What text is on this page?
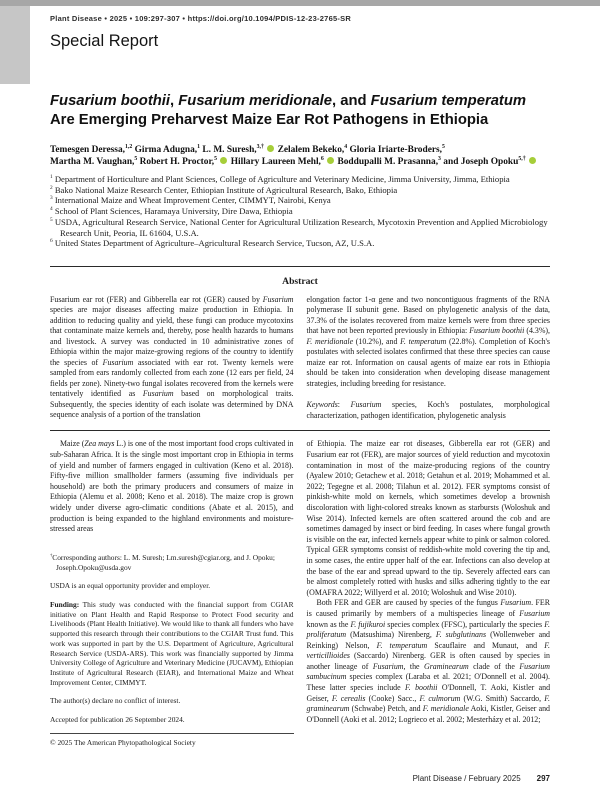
Plant Disease • 2025 • 109:297-307 • https://doi.org/10.1094/PDIS-12-23-2765-SR
Special Report
Fusarium boothii, Fusarium meridionale, and Fusarium temperatum Are Emerging Preharvest Maize Ear Rot Pathogens in Ethiopia
Temesgen Deressa,$^{1,2}$ Girma Adugna,$^1$ L. M. Suresh,$^{3,\dagger}$  Zelalem Bekeko,$^4$ Gloria Iriarte-Broders,$^5$
Martha M. Vaughan,$^5$ Robert H. Proctor,$^5$  Hillary Laureen Mehl,$^6$  Boddupalli M. Prasanna,$^3$ and Joseph Opoku$^{5,\dagger}$
$^1$ Department of Horticulture and Plant Sciences, College of Agriculture and Veterinary Medicine, Jimma University, Jimma, Ethiopia
$^2$ Bako National Maize Research Center, Ethiopian Institute of Agricultural Research, Bako, Ethiopia
$^3$ International Maize and Wheat Improvement Center, CIMMYT, Nairobi, Kenya
$^4$ School of Plant Sciences, Haramaya University, Dire Dawa, Ethiopia
$^5$ USDA, Agricultural Research Service, National Center for Agricultural Utilization Research, Mycotoxin Prevention and Applied Microbiology Research Unit, Peoria, IL 61604, U.S.A.
$^6$ United States Department of Agriculture–Agricultural Research Service, Tucson, AZ, U.S.A.
Abstract
Fusarium ear rot (FER) and Gibberella ear rot (GER) caused by Fusarium species are major diseases affecting maize production in Ethiopia. In addition to reducing quality and yield, these fungi can produce mycotoxins that contaminate maize kernels and, thereby, pose health hazards to humans and livestock. A survey was conducted in 10 administrative zones of Ethiopia within the major maize-growing regions of the country to identify the species of Fusarium associated with ear rot. Twenty kernels were sampled from ears randomly collected from each zone (12 ears per field, 24 fields per zone). Ninety-two fungal isolates recovered from the kernels were tentatively identified as Fusarium based on morphological traits. Subsequently, the species identity of each isolate was determined by DNA sequence analysis of a portion of the translation
elongation factor 1-α gene and two noncontiguous fragments of the RNA polymerase II subunit gene. Based on phylogenetic analysis of the data, 37.3% of the isolates recovered from maize kernels were from three species that have not been reported previously in Ethiopia: Fusarium boothii (4.3%), F. meridionale (10.2%), and F. temperatum (22.8%). Completion of Koch's postulates with selected isolates confirmed that these three species can cause maize ear rot. Information on causal agents of maize ear rots in Ethiopia should be taken into consideration when developing disease management strategies, including breeding for resistance.
Keywords: Fusarium species, Koch's postulates, morphological characterization, pathogen identification, phylogenetic analysis
Maize (Zea mays L.) is one of the most important food crops cultivated in sub-Saharan Africa. It is the single most important crop in Ethiopia in terms of yield and number of farmers engaged in cultivation (Keno et al. 2018). Fifty-five million smallholder farmers (assuming five individuals per household) are both the primary producers and consumers of maize in Ethiopia (Alemu et al. 2008; Keno et al. 2018). The maize crop is grown widely under diverse agro-climatic conditions (Abate et al. 2015), and production is being expanded to the highland environments and moisture-stressed areas
†Corresponding authors: L. M. Suresh; Lm.suresh@cgiar.org, and J. Opoku; Joseph.Opoku@usda.gov
USDA is an equal opportunity provider and employer.
Funding: This study was conducted with the financial support from CGIAR initiative on Plant Health and Rapid Response to Protect Food security and Livelihoods (Plant Health Initiative). We would like to thank all funders who have supported this research through their contributions to the CGIAR Trust fund. This work was supported in part by the U.S. Department of Agriculture, Agricultural Research Service (USDA-ARS). This work was financially supported by Jimma University College of Agriculture and Veterinary Medicine (JUCAVM), Ethiopian Institute of Agricultural Research (EIAR), and International Maize and Wheat Improvement Center, CIMMYT.
The author(s) declare no conflict of interest.
Accepted for publication 26 September 2024.
© 2025 The American Phytopathological Society
of Ethiopia. The maize ear rot diseases, Gibberella ear rot (GER) and Fusarium ear rot (FER), are major sources of yield reduction and mycotoxin contamination in most of the maize-producing regions of the country (Ayalew 2010; Getachew et al. 2018; Getahun et al. 2019; Mohammed et al. 2022; Tegegne et al. 2008; Tilahun et al. 2012). FER symptoms consist of pinkish-white mold on kernels, which sometimes develop a brownish discoloration with light-colored streaks known as starbursts (Woloshuk and Wise 2014). Infected kernels are often scattered around the cob and are sometimes damaged by insect or bird feeding. In cases where fungal growth is visible on the ear, infected kernels appear white to pink or salmon colored. Typical GER symptoms consist of reddish-white mold covering the tip and, in some cases, the entire upper half of the ear. Infections can also develop at the base of the ear and spread upward to the tip. Severely affected ears can be almost completely rotted with husks and silks adhering tightly to the ear (OMAFRA 2022; Willyerd et al. 2010; Woloshuk and Wise 2010).
Both FER and GER are caused by species of the fungus Fusarium. FER is caused primarily by members of a multispecies lineage of Fusarium known as the F. fujikuroi species complex (FFSC), particularly the species F. proliferatum (Matsushima) Nirenberg, F. subglutinans (Wollenweber and Reinking) Nelson, F. temperatum Scauflaire and Munaut, and F. verticillioides (Saccardo) Nirenberg. GER is often caused by species in another lineage of Fusarium, the Graminearum clade of the Fusarium sambucinum species complex (Laraba et al. 2021; O'Donnell et al. 2004). These latter species include F. boothii O'Donnell, T. Aoki, Kistler and Geiser, F. cerealis (Cooke) Sacc., F. culmorum (W.G. Smith) Saccardo, F. graminearum (Schwabe) Petch, and F. meridionale Aoki, Kistler, Geiser and O'Donnell (Aoki et al. 2012; Logrieco et al. 2002; Mesterházy et al. 2012;
Plant Disease / February 2025 297
